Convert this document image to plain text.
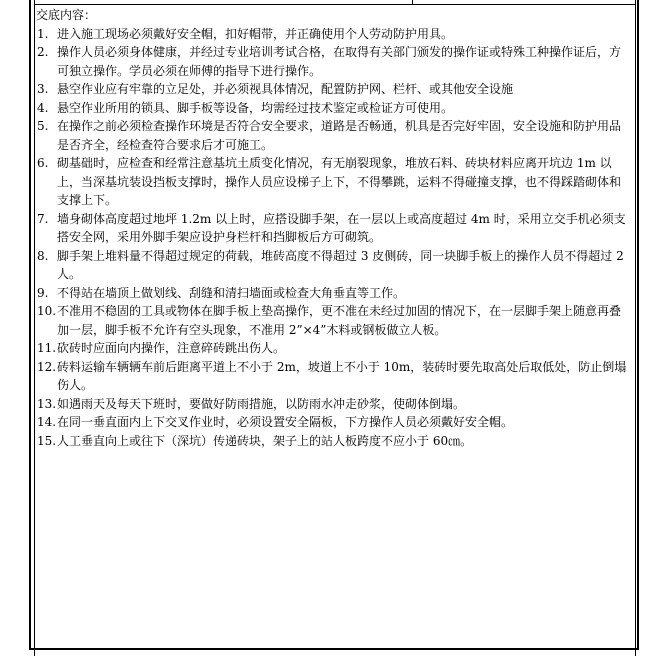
交底内容：

1. 进入施工现场必须戴好安全帽，扣好帽带，并正确使用个人劳动防护用具。
2. 操作人员必须身体健康，并经过专业培训考试合格，在取得有关部门颁发的操作证或特殊工种操作证后，方可独立操作。学员必须在师傅的指导下进行操作。
3. 悬空作业应有牢靠的立足处，并必须视具体情况，配置防护网、栏杆、或其他安全设施
4. 悬空作业所用的锁具、脚手板等设备，均需经过技术鉴定或检证方可使用。
5. 在操作之前必须检查操作环境是否符合安全要求，道路是否畅通，机具是否完好牢固，安全设施和防护用品是否齐全，经检查符合要求后才可施工。
6. 砌基础时，应检查和经常注意基坑土质变化情况，有无崩裂现象，堆放石料、砖块材料应离开坑边 1m 以上，当深基坑装设挡板支撑时，操作人员应设梯子上下，不得攀跳，运料不得碰撞支撑，也不得踩踏砌体和支撑上下。
7. 墙身砌体高度超过地坪 1.2m 以上时，应搭设脚手架，在一层以上或高度超过 4m 时，采用立交手机必须支搭安全网，采用外脚手架应设护身栏杆和挡脚板后方可砌筑。
8. 脚手架上堆料量不得超过规定的荷载，堆砖高度不得超过 3 皮侧砖，同一块脚手板上的操作人员不得超过 2 人。
9. 不得站在墙顶上做划线、刮缝和清扫墙面或检查大角垂直等工作。
10. 不准用不稳固的工具或物体在脚手板上垫高操作，更不准在未经过加固的情况下，在一层脚手架上随意再叠加一层，脚手板不允许有空头现象，不准用 2”×4”木料或钢板做立人板。
11. 砍砖时应面向内操作，注意碎砖跳出伤人。
12. 砖料运输车辆辆车前后距离平道上不小于 2m，坡道上不小于 10m，装砖时要先取高处后取低处，防止倒塌伤人。
13. 如遇雨天及每天下班时，要做好防雨措施，以防雨水冲走砂浆，使砌体倒塌。
14. 在同一垂直面内上下交叉作业时，必须设置安全隔板，下方操作人员必须戴好安全帽。
15. 人工垂直向上或往下（深坑）传递砖块，架子上的站人板跨度不应小于 60㎝。
